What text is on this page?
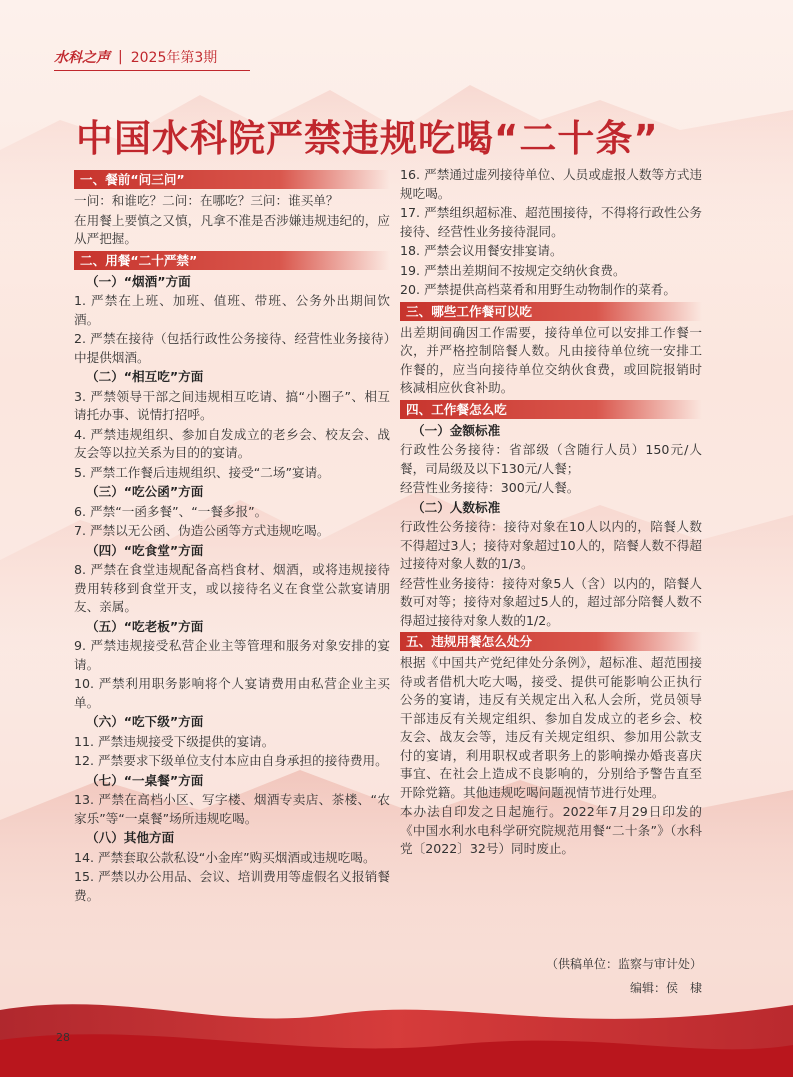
水科之声 | 2025年第3期
中国水科院严禁违规吃喝“二十条”
一、餐前“问三问”

一问：和谁吃？二问：在哪吃？三问：谁买单？

在用餐上要慎之又慎，凡拿不准是否涉嫌违规违纪的，应从严把握。

二、用餐“二十严禁”
（一）“烟酒”方面

1. 严禁在上班、加班、值班、带班、公务外出期间饮酒。

2. 严禁在接待（包括行政性公务接待、经营性业务接待）中提供烟酒。

（二）“相互吃”方面

3. 严禁领导干部之间违规相互吃请、搞“小圈子”、相互请托办事、说情打招呼。

4. 严禁违规组织、参加自发成立的老乡会、校友会、战友会等以拉关系为目的的宴请。

5. 严禁工作餐后违规组织、接受“二场”宴请。

（三）“吃公函”方面

6. 严禁“一函多餐”、“一餐多报”。

7. 严禁以无公函、伪造公函等方式违规吃喝。

（四）“吃食堂”方面

8. 严禁在食堂违规配备高档食材、烟酒，或将违规接待费用转移到食堂开支，或以接待名义在食堂公款宴请朋友、亲属。

（五）“吃老板”方面

9. 严禁违规接受私营企业主等管理和服务对象安排的宴请。

10. 严禁利用职务影响将个人宴请费用由私营企业主买单。

（六）“吃下级”方面

11. 严禁违规接受下级提供的宴请。

12. 严禁要求下级单位支付本应由自身承担的接待费用。

（七）“一桌餐”方面

13. 严禁在高档小区、写字楼、烟酒专卖店、茶楼、“农家乐”等“一桌餐”场所违规吃喝。

（八）其他方面

14. 严禁套取公款私设“小金库”购买烟酒或违规吃喝。

15. 严禁以办公用品、会议、培训费用等虚假名义报销餐费。

16. 严禁通过虚列接待单位、人员或虚报人数等方式违规吃喝。

17. 严禁组织超标准、超范围接待，不得将行政性公务接待、经营性业务接待混同。

18. 严禁会议用餐安排宴请。

19. 严禁出差期间不按规定交纳伙食费。

20. 严禁提供高档菜肴和用野生动物制作的菜肴。

三、哪些工作餐可以吃

出差期间确因工作需要，接待单位可以安排工作餐一次，并严格控制陪餐人数。凡由接待单位统一安排工作餐的，应当向接待单位交纳伙食费，或回院报销时核减相应伙食补助。

四、工作餐怎么吃
（一）金额标准

行政性公务接待：省部级（含随行人员）150元/人餐，司局级及以下130元/人餐；

经营性业务接待：300元/人餐。

（二）人数标准

行政性公务接待：接待对象在10人以内的，陪餐人数不得超过3人；接待对象超过10人的，陪餐人数不得超过接待对象人数的1/3。

经营性业务接待：接待对象5人（含）以内的，陪餐人数可对等；接待对象超过5人的，超过部分陪餐人数不得超过接待对象人数的1/2。

五、违规用餐怎么处分

根据《中国共产党纪律处分条例》，超标准、超范围接待或者借机大吃大喝，接受、提供可能影响公正执行公务的宴请，违反有关规定出入私人会所，党员领导干部违反有关规定组织、参加自发成立的老乡会、校友会、战友会等，违反有关规定组织、参加用公款支付的宴请，利用职权或者职务上的影响操办婚丧喜庆事宜、在社会上造成不良影响的，分别给予警告直至开除党籍。其他违规吃喝问题视情节进行处理。

本办法自印发之日起施行。2022年7月29日印发的《中国水利水电科学研究院规范用餐“二十条”》（水科党〔2022〕32号）同时废止。

（供稿单位：监察与审计处）
编辑：侯　棣
28
